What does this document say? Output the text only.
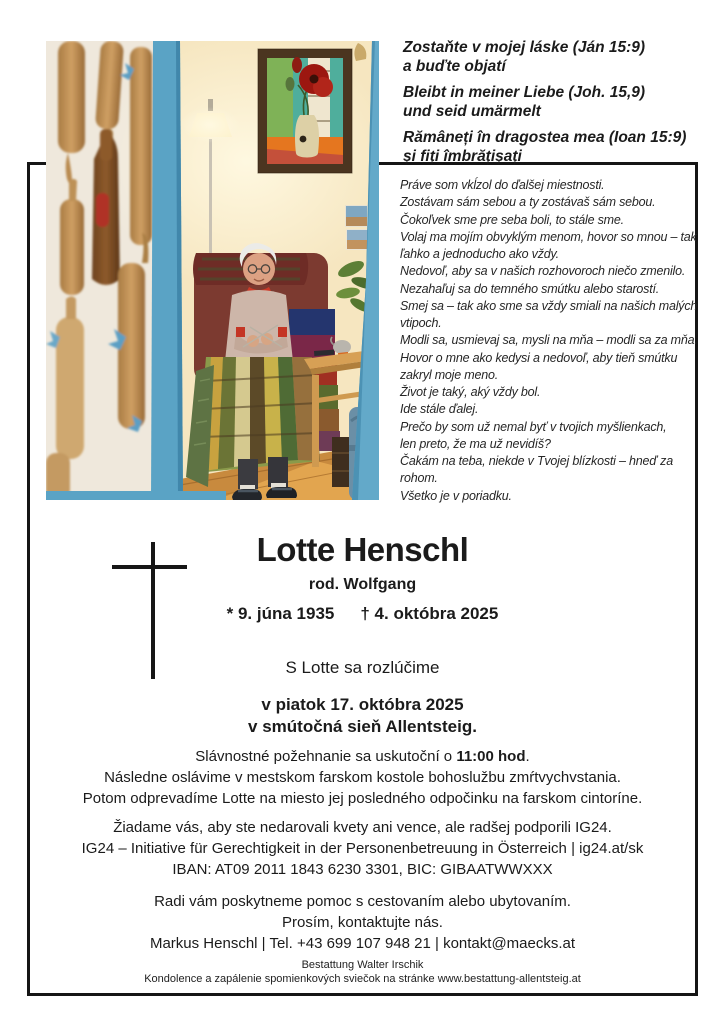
Zostaňte v mojej láske (Ján 15:9)
a buďte objatí
Bleibt in meiner Liebe (Joh. 15,9)
und seid umärmelt
Rămâneți în dragostea mea (Ioan 15:9)
și fiți îmbrățișați
Práve som vkĺzol do ďalšej miestnosti.
Zostávam sám sebou a ty zostávaš sám sebou.
Čokoľvek sme pre seba boli, to stále sme.
Volaj ma mojím obvyklým menom, hovor so mnou – tak
ľahko a jednoducho ako vždy.
Nedovoľ, aby sa v našich rozhovoroch niečo zmenilo.
Nezahaľuj sa do temného smútku alebo starostí.
Smej sa – tak ako sme sa vždy smiali na našich malých
vtipoch.
Modli sa, usmievaj sa, mysli na mňa – modli sa za mňa.
Hovor o mne ako kedysi a nedovoľ, aby tieň smútku
zakryl moje meno.
Život je taký, aký vždy bol.
Ide stále ďalej.
Prečo by som už nemal byť v tvojich myšlienkach,
len preto, že ma už nevidíš?
Čakám na teba, niekde v Tvojej blízkosti – hneď za
rohom.
Všetko je v poriadku.
Lotte Henschl
rod. Wolfgang
* 9. júna 1935 † 4. októbra 2025
S Lotte sa rozlúčime
v piatok 17. októbra 2025
v smútočná sieň Allentsteig.
Slávnostné požehnanie sa uskutoční o 11:00 hod.
Následne oslávime v mestskom farskom kostole bohoslužbu zmŕtvychvstania.
Potom odprevadíme Lotte na miesto jej posledného odpočinku na farskom cintoríne.
Žiadame vás, aby ste nedarovali kvety ani vence, ale radšej podporili IG24.
IG24 – Initiative für Gerechtigkeit in der Personenbetreuung in Österreich | ig24.at/sk
IBAN: AT09 2011 1843 6230 3301, BIC: GIBAATWWXXX
Radi vám poskytneme pomoc s cestovaním alebo ubytovaním.
Prosím, kontaktujte nás.
Markus Henschl | Tel. +43 699 107 948 21 | kontakt@maecks.at
Bestattung Walter Irschik
Kondolence a zapálenie spomienkových sviečok na stránke www.bestattung-allentsteig.at
